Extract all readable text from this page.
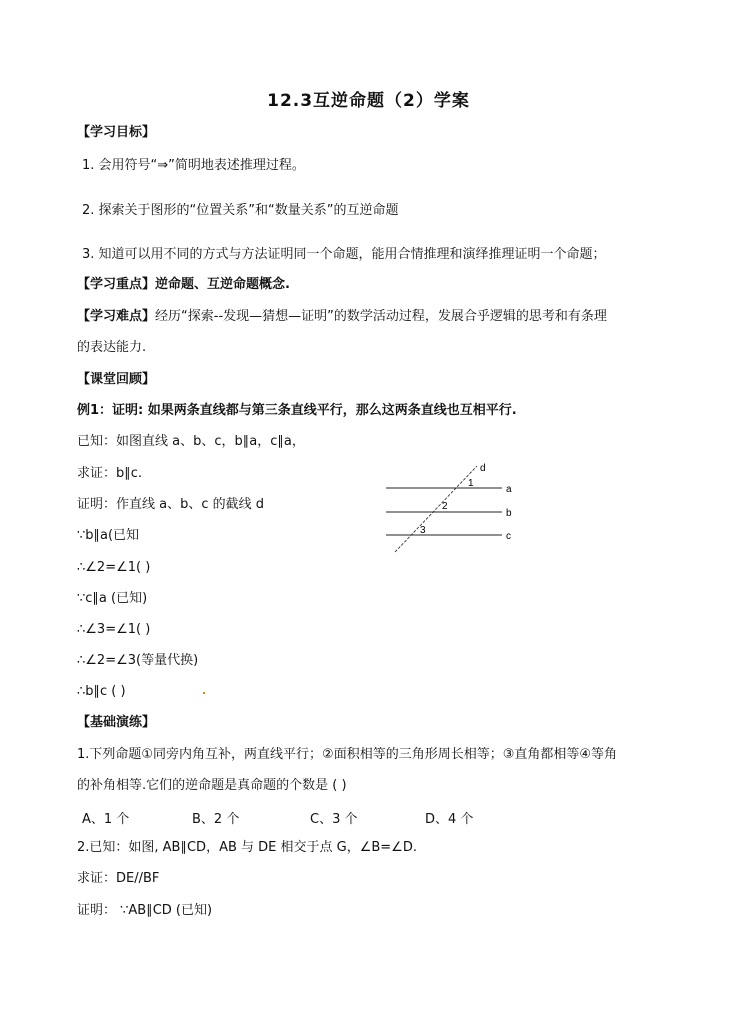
12.3互逆命题（2）学案
【学习目标】
1. 会用符号“⇒”简明地表述推理过程。
2. 探索关于图形的“位置关系”和“数量关系”的互逆命题
3. 知道可以用不同的方式与方法证明同一个命题，能用合情推理和演绎推理证明一个命题；
【学习重点】逆命题、互逆命题概念.
【学习难点】经历“探索--发现—猜想—证明”的数学活动过程，发展合乎逻辑的思考和有条理
的表达能力.
【课堂回顾】
例1：证明: 如果两条直线都与第三条直线平行，那么这两条直线也互相平行.
已知：如图直线 a、b、c，b∥a，c∥a，
求证：b∥c.
证明：作直线 a、b、c 的截线 d
∵b∥a(已知
∴∠2=∠1( )
∵c∥a (已知)
∴∠3=∠1( )
∴∠2=∠3(等量代换)
∴b∥c ( )
d
a
b
c
1
2
3
【基础演练】
1.下列命题①同旁内角互补，两直线平行；②面积相等的三角形周长相等；③直角都相等④等角
的补角相等.它们的逆命题是真命题的个数是 ( )
A、1 个	B、2 个	C、3 个	D、4 个
2.已知：如图, AB∥CD，AB 与 DE 相交于点 G，∠B=∠D.
求证：DE//BF
证明： ∵AB∥CD (已知)
